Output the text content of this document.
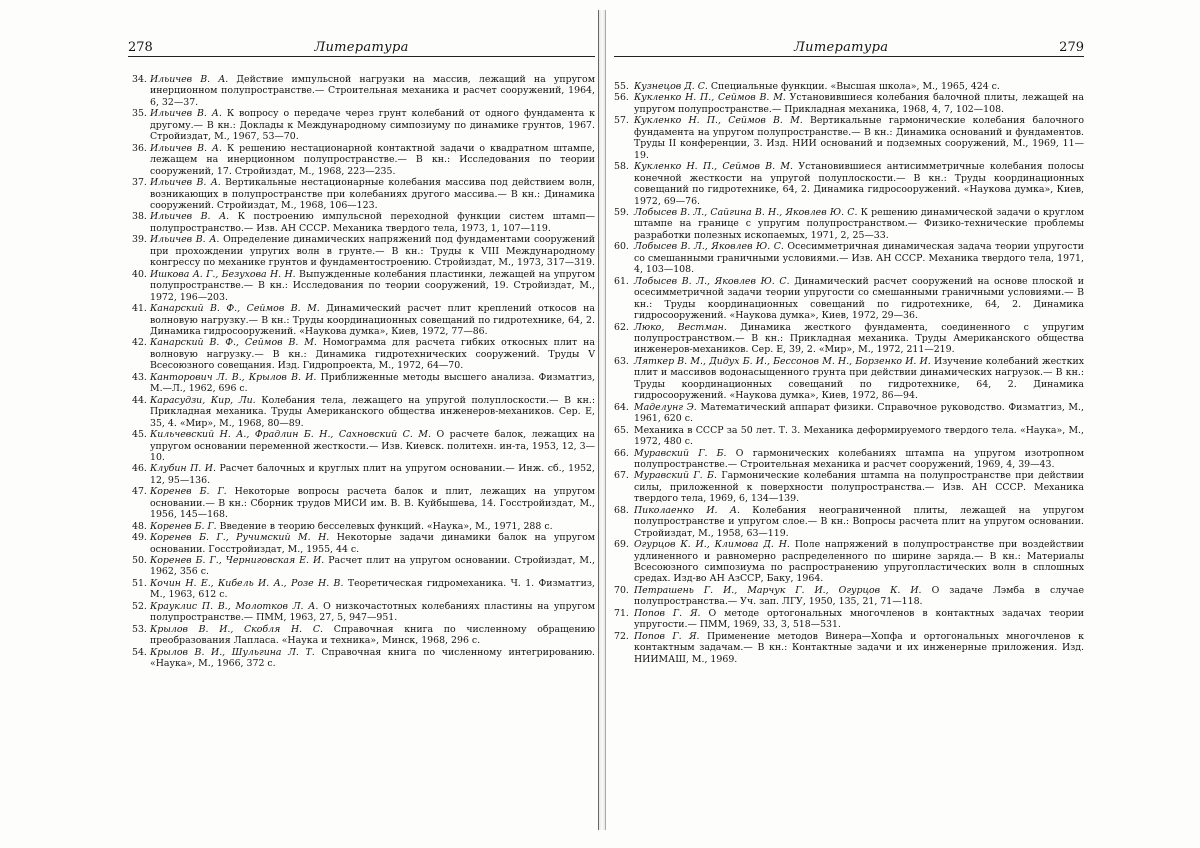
278	Литература

34. Ильичев В. А. Действие импульсной нагрузки на массив, лежащий на упругом инерционном полупространстве.— Строительная механика и расчет сооружений, 1964, 6, 32—37.

35. Ильичев В. А. К вопросу о передаче через грунт колебаний от одного фундамента к другому.— В кн.: Доклады к Международному симпозиуму по динамике грунтов, 1967. Стройиздат, М., 1967, 53—70.

36. Ильичев В. А. К решению нестационарной контактной задачи о квадратном штампе, лежащем на инерционном полупространстве.— В кн.: Исследования по теории сооружений, 17. Стройиздат, М., 1968, 223—235.

37. Ильичев В. А. Вертикальные нестационарные колебания массива под действием волн, возникающих в полупространстве при колебаниях другого массива.— В кн.: Динамика сооружений. Стройиздат, М., 1968, 106—123.

38. Ильичев В. А. К построению импульсной переходной функции систем штамп—полупространство.— Изв. АН СССР. Механика твердого тела, 1973, 1, 107—119.

39. Ильичев В. А. Определение динамических напряжений под фундаментами сооружений при прохождении упругих волн в грунте.— В кн.: Труды к VIII Международному конгрессу по механике грунтов и фундаментостроению. Стройиздат, М., 1973, 317—319.

40. Ишкова А. Г., Безухова Н. Н. Выпужденные колебания пластинки, лежащей на упругом полупространстве.— В кн.: Исследования по теории сооружений, 19. Стройиздат, М., 1972, 196—203.

41. Канарский В. Ф., Сеймов В. М. Динамический расчет плит креплений откосов на волновую нагрузку.— В кн.: Труды координационных совещаний по гидротехнике, 64, 2. Динамика гидросооружений. «Наукова думка», Киев, 1972, 77—86.

42. Канарский В. Ф., Сеймов В. М. Номограмма для расчета гибких откосных плит на волновую нагрузку.— В кн.: Динамика гидротехнических сооружений. Труды V Всесоюзного совещания. Изд. Гидропроекта, М., 1972, 64—70.

43. Канторович Л. В., Крылов В. И. Приближенные методы высшего анализа. Физматгиз, М.—Л., 1962, 696 с.

44. Карасудзи, Кир, Ли. Колебания тела, лежащего на упругой полуплоскости.— В кн.: Прикладная механика. Труды Американского общества инженеров-механиков. Сер. Е, 35, 4. «Мир», М., 1968, 80—89.

45. Кильчевский Н. А., Фрадлин Б. Н., Сахновский С. М. О расчете балок, лежащих на упругом основании переменной жесткости.— Изв. Киевск. политехн. ин-та, 1953, 12, 3—10.

46. Клубин П. И. Расчет балочных и круглых плит на упругом основании.— Инж. сб., 1952, 12, 95—136.

47. Коренев Б. Г. Некоторые вопросы расчета балок и плит, лежащих на упругом основании.— В кн.: Сборник трудов МИСИ им. В. В. Куйбышева, 14. Госстройиздат, М., 1956, 145—168.

48. Коренев Б. Г. Введение в теорию бесселевых функций. «Наука», М., 1971, 288 с.

49. Коренев Б. Г., Ручимский М. Н. Некоторые задачи динамики балок на упругом основании. Госстройиздат, М., 1955, 44 с.

50. Коренев Б. Г., Черниговская Е. И. Расчет плит на упругом основании. Стройиздат, М., 1962, 356 с.

51. Кочин Н. Е., Кибель И. А., Розе Н. В. Теоретическая гидромеханика. Ч. 1. Физматгиз, М., 1963, 612 с.

52. Крауклис П. В., Молотков Л. А. О низкочастотных колебаниях пластины на упругом полупространстве.— ПММ, 1963, 27, 5, 947—951.

53. Крылов В. И., Скобля Н. С. Справочная книга по численному обращению преобразования Лапласа. «Наука и техника», Минск, 1968, 296 с.

54. Крылов В. И., Шульгина Л. Т. Справочная книга по численному интегрированию. «Наука», М., 1966, 372 с.

Литература	279

55. Кузнецов Д. С. Специальные функции. «Высшая школа», М., 1965, 424 с.

56. Кукленко Н. П., Сеймов В. М. Установившиеся колебания балочной плиты, лежащей на упругом полупространстве.— Прикладная механика, 1968, 4, 7, 102—108.

57. Кукленко Н. П., Сеймов В. М. Вертикальные гармонические колебания балочного фундамента на упругом полупространстве.— В кн.: Динамика оснований и фундаментов. Труды II конференции, 3. Изд. НИИ оснований и подземных сооружений, М., 1969, 11—19.

58. Кукленко Н. П., Сеймов В. М. Установившиеся антисимметричные колебания полосы конечной жесткости на упругой полуплоскости.— В кн.: Труды координационных совещаний по гидротехнике, 64, 2. Динамика гидросооружений. «Наукова думка», Киев, 1972, 69—76.

59. Лобысев В. Л., Сайгина В. Н., Яковлев Ю. С. К решению динамической задачи о круглом штампе на границе с упругим полупространством.— Физико-технические проблемы разработки полезных ископаемых, 1971, 2, 25—33.

60. Лобысев В. Л., Яковлев Ю. С. Осесимметричная динамическая задача теории упругости со смешанными граничными условиями.— Изв. АН СССР. Механика твердого тела, 1971, 4, 103—108.

61. Лобысев В. Л., Яковлев Ю. С. Динамический расчет сооружений на основе плоской и осесимметричной задачи теории упругости со смешанными граничными условиями.— В кн.: Труды координационных совещаний по гидротехнике, 64, 2. Динамика гидросооружений. «Наукова думка», Киев, 1972, 29—36.

62. Люко, Вестман. Динамика жесткого фундамента, соединенного с упругим полупространством.— В кн.: Прикладная механика. Труды Американского общества инженеров-механиков. Сер. Е, 39, 2. «Мир», М., 1972, 211—219.

63. Ляткер В. М., Дидух Б. И., Бессонов М. Н., Борзенко И. И. Изучение колебаний жестких плит и массивов водонасыщенного грунта при действии динамических нагрузок.— В кн.: Труды координационных совещаний по гидротехнике, 64, 2. Динамика гидросооружений. «Наукова думка», Киев, 1972, 86—94.

64. Маделунг Э. Математический аппарат физики. Справочное руководство. Физматгиз, М., 1961, 620 с.

65. Механика в СССР за 50 лет. Т. 3. Механика деформируемого твердого тела. «Наука», М., 1972, 480 с.

66. Муравский Г. Б. О гармонических колебаниях штампа на упругом изотропном полупространстве.— Строительная механика и расчет сооружений, 1969, 4, 39—43.

67. Муравский Г. Б. Гармонические колебания штампа на полупространстве при действии силы, приложенной к поверхности полупространства.— Изв. АН СССР. Механика твердого тела, 1969, 6, 134—139.

68. Пиколаенко И. А. Колебания неограниченной плиты, лежащей на упругом полупространстве и упругом слое.— В кн.: Вопросы расчета плит на упругом основании. Стройиздат, М., 1958, 63—119.

69. Огурцов К. И., Климова Д. Н. Поле напряжений в полупространстве при воздействии удлиненного и равномерно распределенного по ширине заряда.— В кн.: Материалы Всесоюзного симпозиума по распространению упругопластических волн в сплошных средах. Изд-во АН АзССР, Баку, 1964.

70. Петрашень Г. И., Марчук Г. И., Огурцов К. И. О задаче Лэмба в случае полупространства.— Уч. зап. ЛГУ, 1950, 135, 21, 71—118.

71. Попов Г. Я. О методе ортогональных многочленов в контактных задачах теории упругости.— ПММ, 1969, 33, 3, 518—531.

72. Попов Г. Я. Применение методов Винера—Хопфа и ортогональных многочленов к контактным задачам.— В кн.: Контактные задачи и их инженерные приложения. Изд. НИИМАШ, М., 1969.
